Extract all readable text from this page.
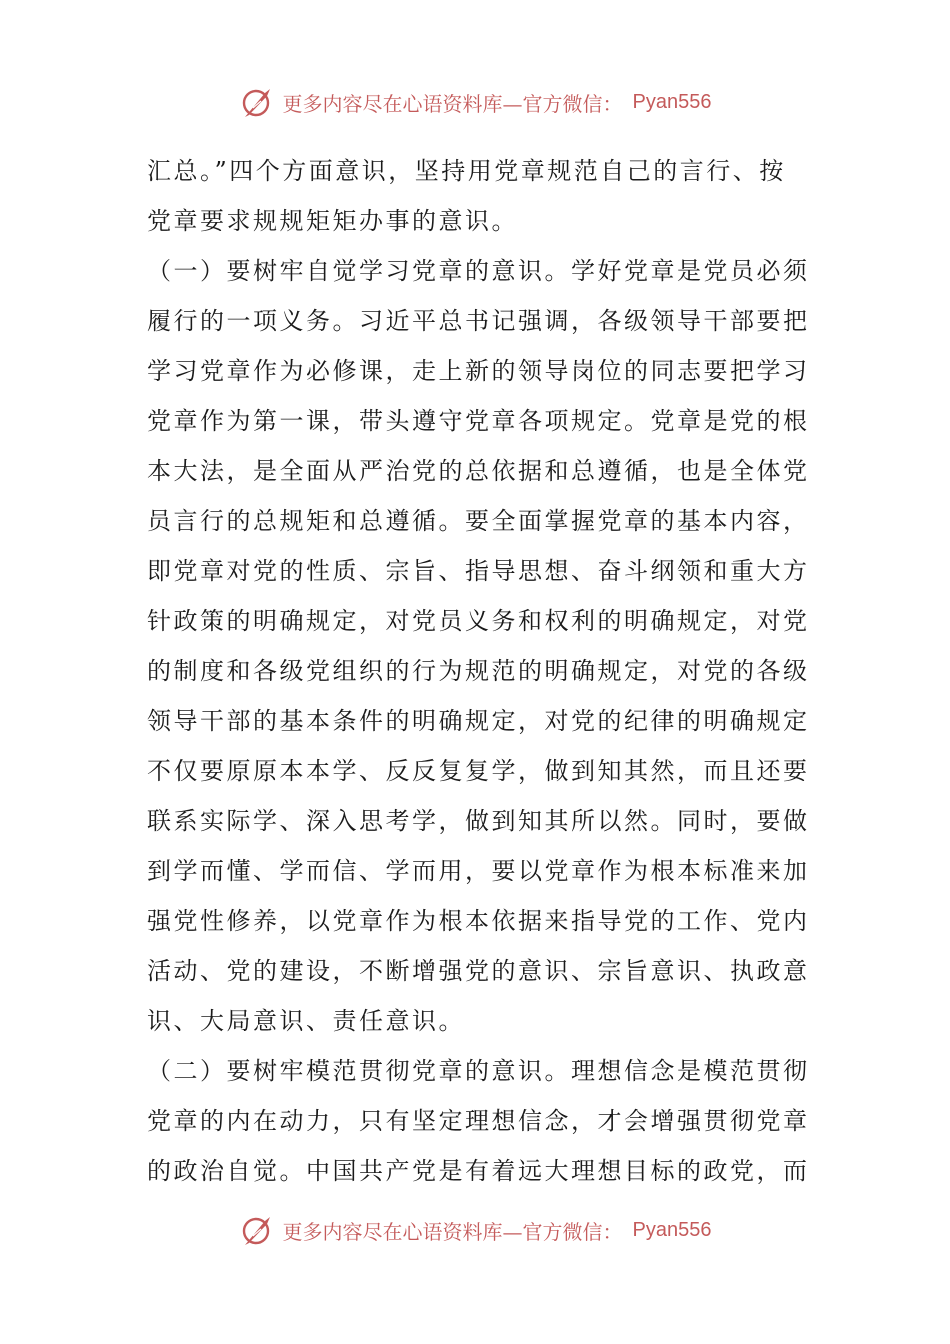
更多内容尽在心语资料库—官方微信： Pyan556
汇总。”四个方面意识，坚持用党章规范自己的言行、按
党章要求规规矩矩办事的意识。
（一）要树牢自觉学习党章的意识。学好党章是党员必须
履行的一项义务。习近平总书记强调，各级领导干部要把
学习党章作为必修课，走上新的领导岗位的同志要把学习
党章作为第一课，带头遵守党章各项规定。党章是党的根
本大法，是全面从严治党的总依据和总遵循，也是全体党
员言行的总规矩和总遵循。要全面掌握党章的基本内容，
即党章对党的性质、宗旨、指导思想、奋斗纲领和重大方
针政策的明确规定，对党员义务和权利的明确规定，对党
的制度和各级党组织的行为规范的明确规定，对党的各级
领导干部的基本条件的明确规定，对党的纪律的明确规定
不仅要原原本本学、反反复复学，做到知其然，而且还要
联系实际学、深入思考学，做到知其所以然。同时，要做
到学而懂、学而信、学而用，要以党章作为根本标准来加
强党性修养，以党章作为根本依据来指导党的工作、党内
活动、党的建设，不断增强党的意识、宗旨意识、执政意
识、大局意识、责任意识。
（二）要树牢模范贯彻党章的意识。理想信念是模范贯彻
党章的内在动力，只有坚定理想信念，才会增强贯彻党章
的政治自觉。中国共产党是有着远大理想目标的政党，而
更多内容尽在心语资料库—官方微信： Pyan556
